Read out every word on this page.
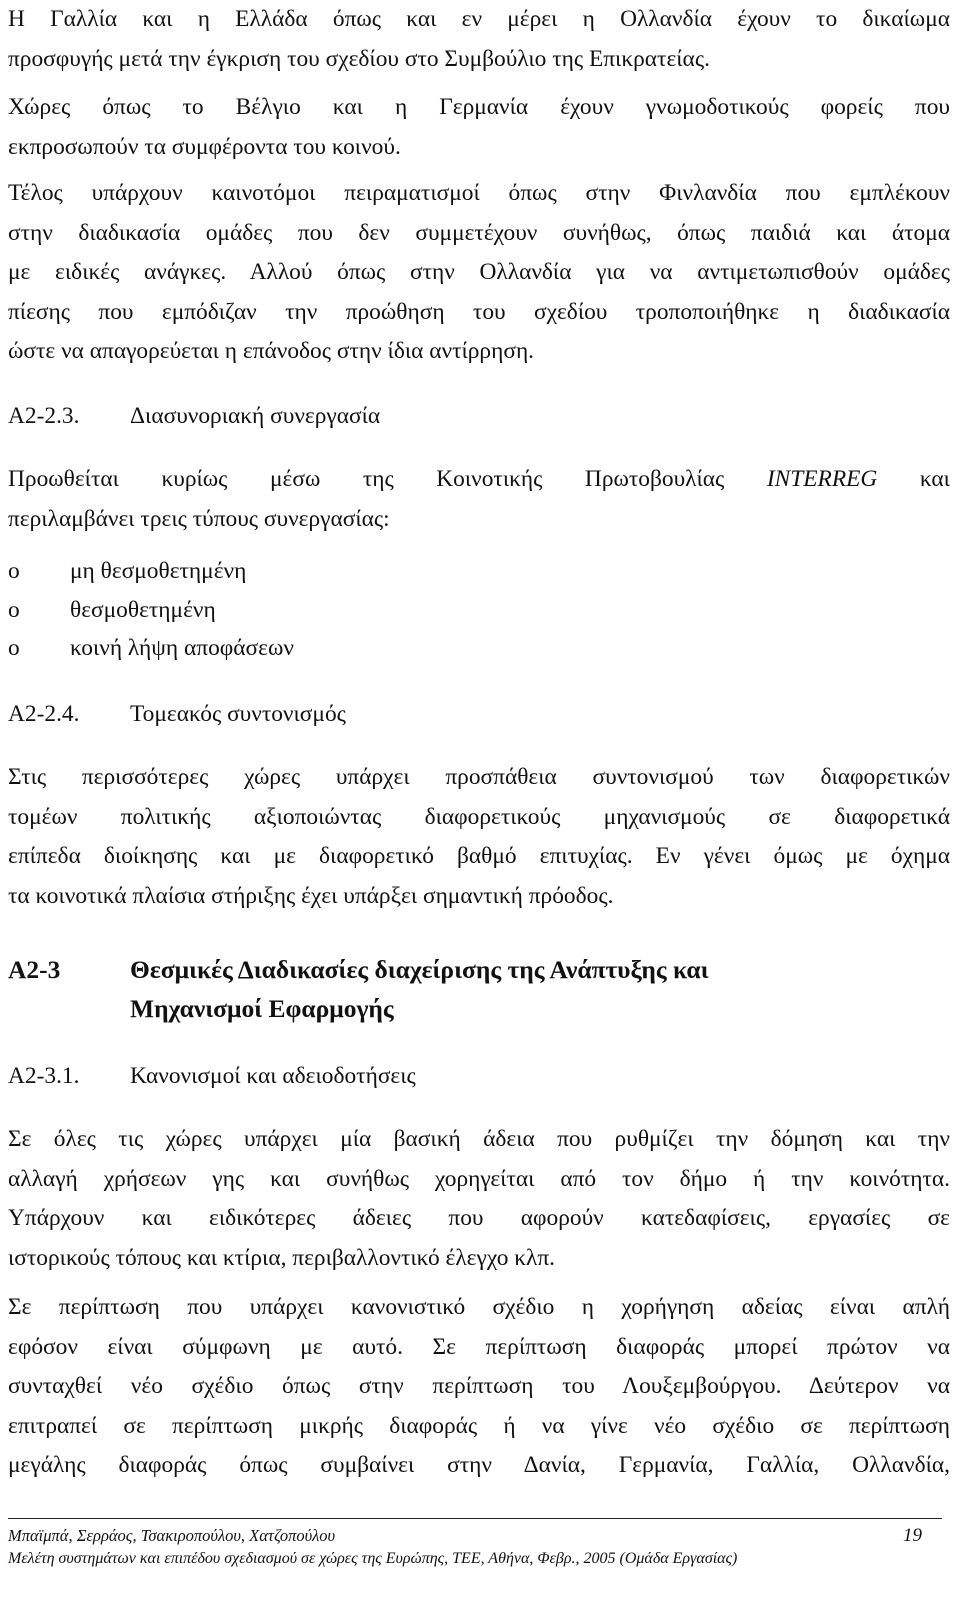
Η Γαλλία και η Ελλάδα όπως και εν μέρει η Ολλανδία έχουν το δικαίωμα
προσφυγής μετά την έγκριση του σχεδίου στο Συμβούλιο της Επικρατείας.
Χώρες όπως το Βέλγιο και η Γερμανία έχουν γνωμοδοτικούς φορείς που
εκπροσωπούν τα συμφέροντα του κοινού.
Τέλος υπάρχουν καινοτόμοι πειραματισμοί όπως στην Φινλανδία που εμπλέκουν
στην διαδικασία ομάδες που δεν συμμετέχουν συνήθως, όπως παιδιά και άτομα
με ειδικές ανάγκες. Αλλού όπως στην Ολλανδία για να αντιμετωπισθούν ομάδες
πίεσης που εμπόδιζαν την προώθηση του σχεδίου τροποποιήθηκε η διαδικασία
ώστε να απαγορεύεται η επάνοδος στην ίδια αντίρρηση.
Α2-2.3. Διασυνοριακή συνεργασία
Προωθείται κυρίως μέσω της Κοινοτικής Πρωτοβουλίας INTERREG και
περιλαμβάνει τρεις τύπους συνεργασίας:
o μη θεσμοθετημένη
o θεσμοθετημένη
o κοινή λήψη αποφάσεων
Α2-2.4. Τομεακός συντονισμός
Στις περισσότερες χώρες υπάρχει προσπάθεια συντονισμού των διαφορετικών
τομέων πολιτικής αξιοποιώντας διαφορετικούς μηχανισμούς σε διαφορετικά
επίπεδα διοίκησης και με διαφορετικό βαθμό επιτυχίας. Εν γένει όμως με όχημα
τα κοινοτικά πλαίσια στήριξης έχει υπάρξει σημαντική πρόοδος.
Α2-3	Θεσμικές Διαδικασίες διαχείρισης της Ανάπτυξης και
Μηχανισμοί Εφαρμογής
Α2-3.1. Κανονισμοί και αδειοδοτήσεις
Σε όλες τις χώρες υπάρχει μία βασική άδεια που ρυθμίζει την δόμηση και την
αλλαγή χρήσεων γης και συνήθως χορηγείται από τον δήμο ή την κοινότητα.
Υπάρχουν και ειδικότερες άδειες που αφορούν κατεδαφίσεις, εργασίες σε
ιστορικούς τόπους και κτίρια, περιβαλλοντικό έλεγχο κλπ.
Σε περίπτωση που υπάρχει κανονιστικό σχέδιο η χορήγηση αδείας είναι απλή
εφόσον είναι σύμφωνη με αυτό. Σε περίπτωση διαφοράς μπορεί πρώτον να
συνταχθεί νέο σχέδιο όπως στην περίπτωση του Λουξεμβούργου. Δεύτερον να
επιτραπεί σε περίπτωση μικρής διαφοράς ή να γίνε νέο σχέδιο σε περίπτωση
μεγάλης διαφοράς όπως συμβαίνει στην Δανία, Γερμανία, Γαλλία, Ολλανδία,
Μπαϊμπά, Σερράος, Τσακιροπούλου, Χατζοπούλου
Μελέτη συστημάτων και επιπέδου σχεδιασμού σε χώρες της Ευρώπης, ΤΕΕ, Αθήνα, Φεβρ., 2005 (Ομάδα Εργασίας)
19
